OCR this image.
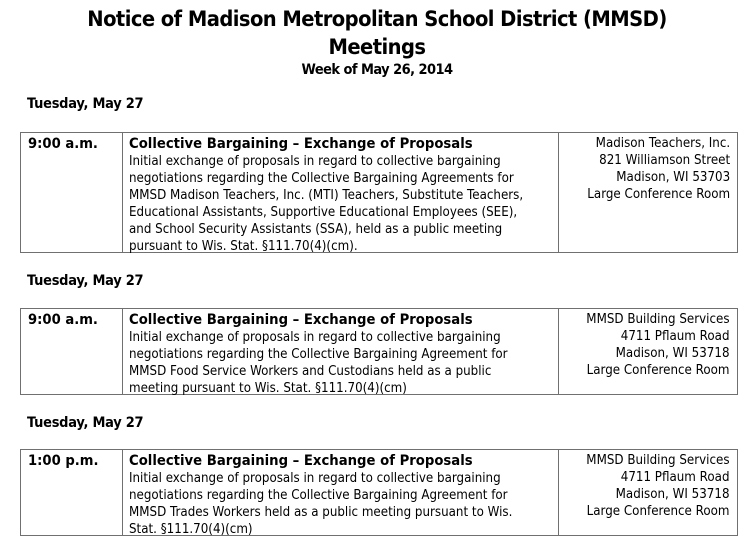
Notice of Madison Metropolitan School District (MMSD)
Meetings
Week of May 26, 2014
Tuesday, May 27
9:00 a.m. Collective Bargaining – Exchange of Proposals
Initial exchange of proposals in regard to collective bargaining
negotiations regarding the Collective Bargaining Agreements for
MMSD Madison Teachers, Inc. (MTI) Teachers, Substitute Teachers,
Educational Assistants, Supportive Educational Employees (SEE),
and School Security Assistants (SSA), held as a public meeting
pursuant to Wis. Stat. §111.70(4)(cm).
Madison Teachers, Inc.
821 Williamson Street
Madison, WI 53703
Large Conference Room
Tuesday, May 27
9:00 a.m. Collective Bargaining – Exchange of Proposals
Initial exchange of proposals in regard to collective bargaining
negotiations regarding the Collective Bargaining Agreement for
MMSD Food Service Workers and Custodians held as a public
meeting pursuant to Wis. Stat. §111.70(4)(cm)
MMSD Building Services
4711 Pflaum Road
Madison, WI 53718
Large Conference Room
Tuesday, May 27
1:00 p.m. Collective Bargaining – Exchange of Proposals
Initial exchange of proposals in regard to collective bargaining
negotiations regarding the Collective Bargaining Agreement for
MMSD Trades Workers held as a public meeting pursuant to Wis.
Stat. §111.70(4)(cm)
MMSD Building Services
4711 Pflaum Road
Madison, WI 53718
Large Conference Room
